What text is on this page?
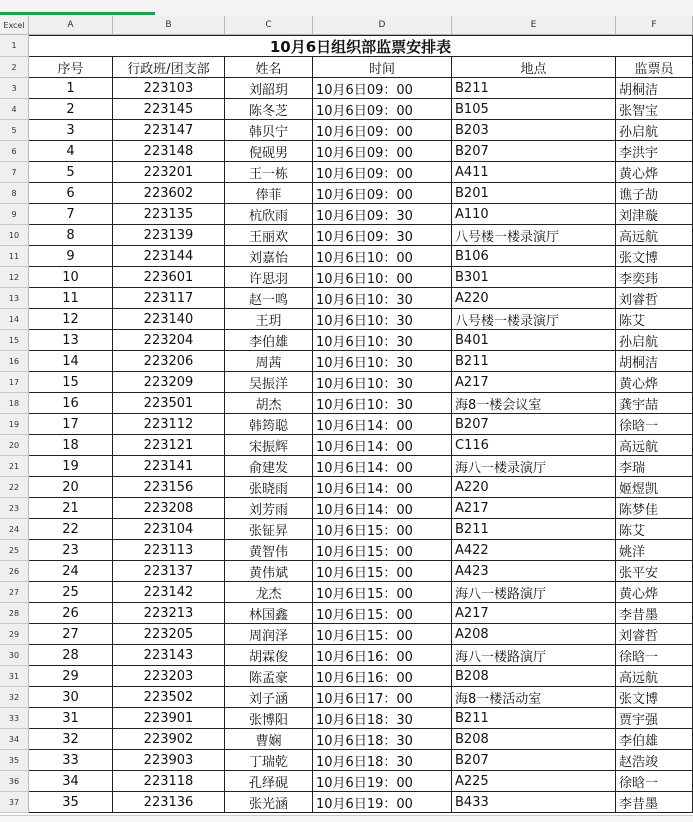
Excel	A	B	C	D	E	F
1	10月6日组织部监票安排表
2	序号	行政班/团支部	姓名	时间	地点	监票员
3	1	223103	刘韶玥	10月6日09：00	B211	胡桐洁
4	2	223145	陈冬芝	10月6日09：00	B105	张智宝
5	3	223147	韩贝宁	10月6日09：00	B203	孙启航
6	4	223148	倪砚男	10月6日09：00	B207	李洪宇
7	5	223201	王一栋	10月6日09：00	A411	黄心烨
8	6	223602	俸菲	10月6日09：00	B201	谯子劼
9	7	223135	杭欣雨	10月6日09：30	A110	刘津璇
10	8	223139	王丽欢	10月6日09：30	八号楼一楼录演厅	高远航
11	9	223144	刘嘉怡	10月6日10：00	B106	张文博
12	10	223601	许思羽	10月6日10：00	B301	李奕玮
13	11	223117	赵一鸣	10月6日10：30	A220	刘睿哲
14	12	223140	王玥	10月6日10：30	八号楼一楼录演厅	陈艾
15	13	223204	李伯雄	10月6日10：30	B401	孙启航
16	14	223206	周茜	10月6日10：30	B211	胡桐洁
17	15	223209	吴振洋	10月6日10：30	A217	黄心烨
18	16	223501	胡杰	10月6日10：30	海8一楼会议室	龚宇喆
19	17	223112	韩筠聪	10月6日14：00	B207	徐晗一
20	18	223121	宋振辉	10月6日14：00	C116	高远航
21	19	223141	俞建发	10月6日14：00	海八一楼录演厅	李瑞
22	20	223156	张晓雨	10月6日14：00	A220	姬煜凯
23	21	223208	刘芳雨	10月6日14：00	A217	陈梦佳
24	22	223104	张钲昇	10月6日15：00	B211	陈艾
25	23	223113	黄智伟	10月6日15：00	A422	姚洋
26	24	223137	黄伟斌	10月6日15：00	A423	张平安
27	25	223142	龙杰	10月6日15：00	海八一楼路演厅	黄心烨
28	26	223213	林国鑫	10月6日15：00	A217	李昔墨
29	27	223205	周润泽	10月6日15：00	A208	刘睿哲
30	28	223143	胡霖俊	10月6日16：00	海八一楼路演厅	徐晗一
31	29	223203	陈孟豪	10月6日16：00	B208	高远航
32	30	223502	刘子涵	10月6日17：00	海8一楼活动室	张文博
33	31	223901	张博阳	10月6日18：30	B211	贾宇强
34	32	223902	曹娴	10月6日18：30	B208	李伯雄
35	33	223903	丁瑞乾	10月6日18：30	B207	赵浩竣
36	34	223118	孔绎硯	10月6日19：00	A225	徐晗一
37	35	223136	张光涵	10月6日19：00	B433	李昔墨
